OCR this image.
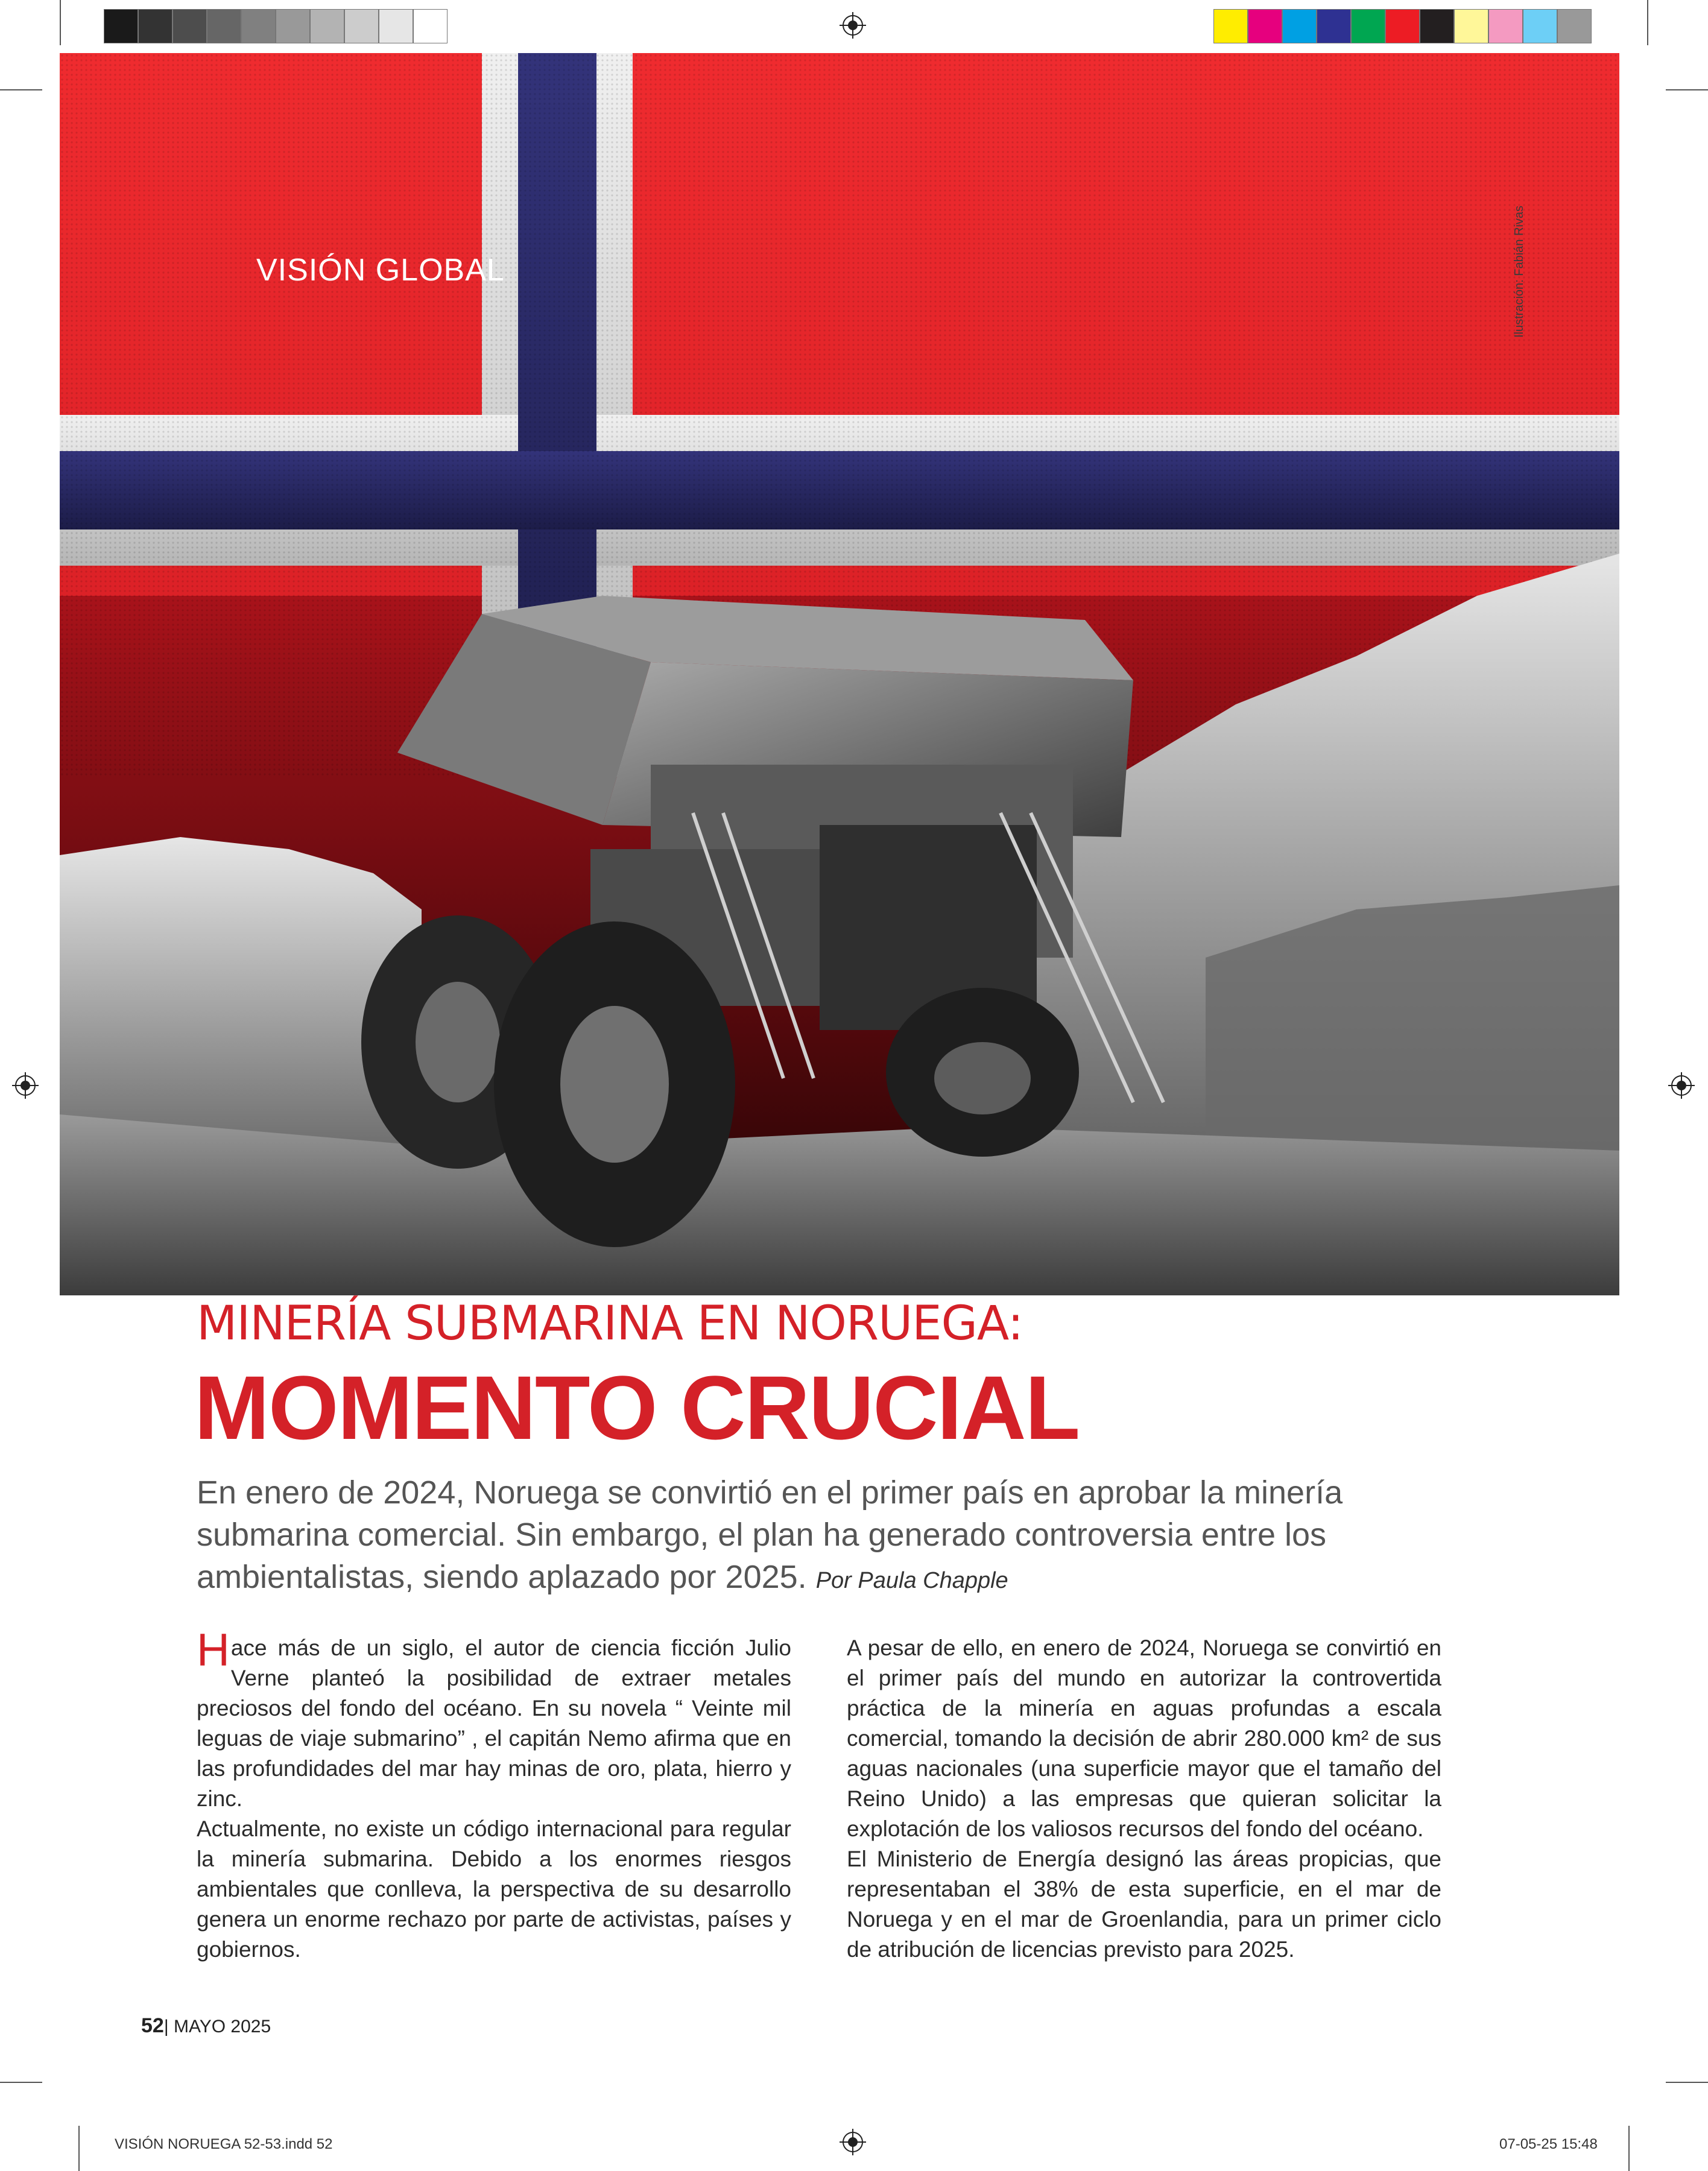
VISIÓN GLOBAL	Ilustración: Fabián Rivas
MINERÍA SUBMARINA EN NORUEGA:
MOMENTO CRUCIAL
En enero de 2024, Noruega se convirtió en el primer país en aprobar la minería submarina comercial. Sin embargo, el plan ha generado controversia entre los ambientalistas, siendo aplazado por 2025. Por Paula Chapple

Hace más de un siglo, el autor de ciencia ficción Julio Verne planteó la posibilidad de extraer metales preciosos del fondo del océano. En su novela “ Veinte mil leguas de viaje submarino” , el capitán Nemo afirma que en las profundidades del mar hay minas de oro, plata, hierro y zinc.

Actualmente, no existe un código internacional para regular la minería submarina. Debido a los enormes riesgos ambientales que conlleva, la perspectiva de su desarrollo genera un enorme rechazo por parte de activistas, países y gobiernos.

A pesar de ello, en enero de 2024, Noruega se convirtió en el primer país del mundo en autorizar la controvertida práctica de la minería en aguas profundas a escala comercial, tomando la decisión de abrir 280.000 km² de sus aguas nacionales (una superficie mayor que el tamaño del Reino Unido) a las empresas que quieran solicitar la explotación de los valiosos recursos del fondo del océano.

El Ministerio de Energía designó las áreas propicias, que representaban el 38% de esta superficie, en el mar de Noruega y en el mar de Groenlandia, para un primer ciclo de atribución de licencias previsto para 2025.

52| MAYO 2025
VISIÓN NORUEGA 52-53.indd 52	07-05-25 15:48
